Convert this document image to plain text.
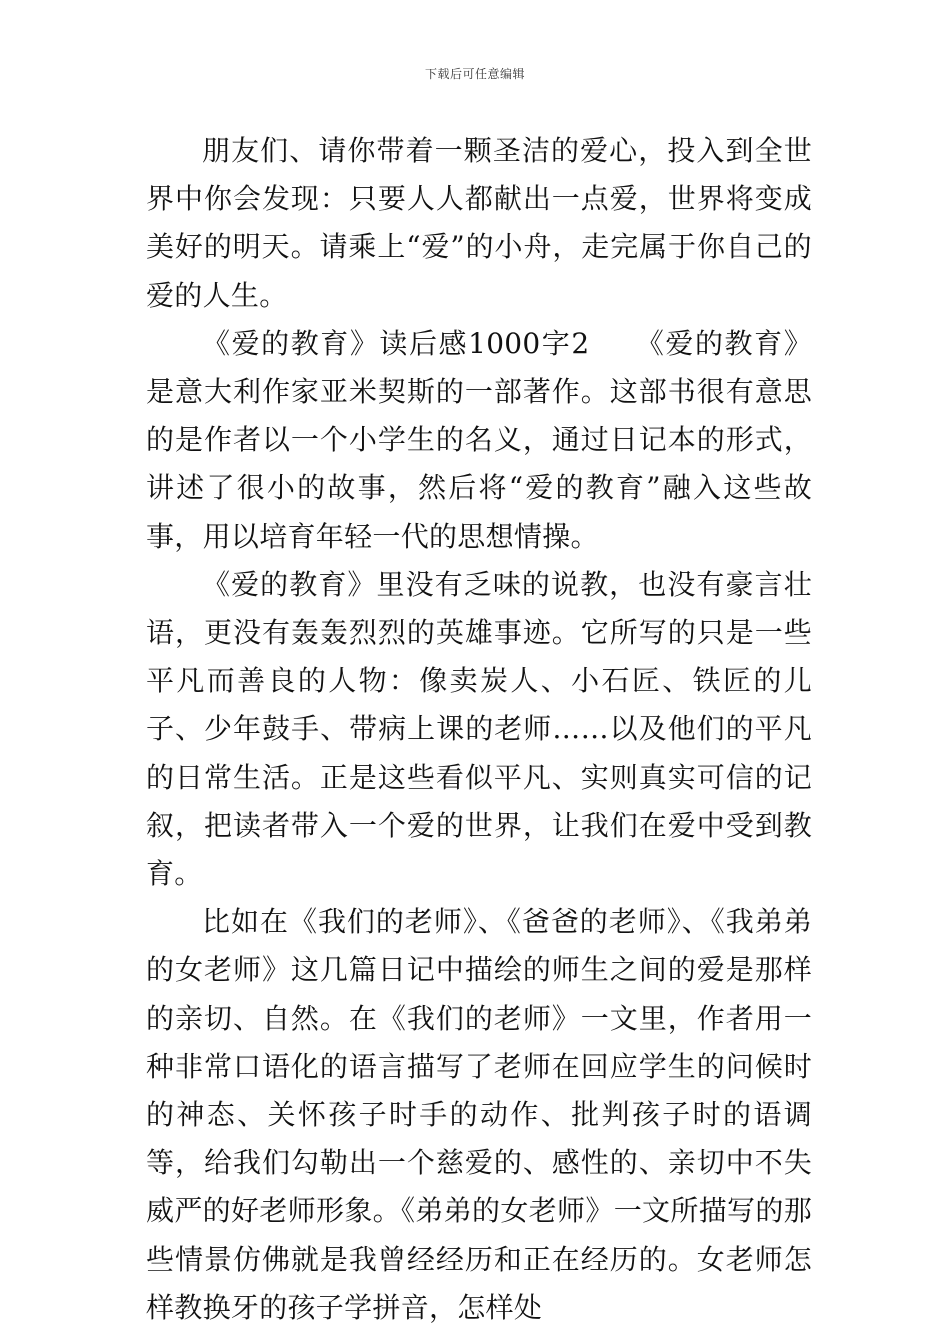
下载后可任意编辑

朋友们、请你带着一颗圣洁的爱心，投入到全世界中你会发现：只要人人都献出一点爱，世界将变成美好的明天。请乘上“爱”的小舟，走完属于你自己的爱的人生。

《爱的教育》读后感1000字2　　《爱的教育》是意大利作家亚米契斯的一部著作。这部书很有意思的是作者以一个小学生的名义，通过日记本的形式，讲述了很小的故事，然后将“爱的教育”融入这些故事，用以培育年轻一代的思想情操。

《爱的教育》里没有乏味的说教，也没有豪言壮语，更没有轰轰烈烈的英雄事迹。它所写的只是一些平凡而善良的人物：像卖炭人、小石匠、铁匠的儿子、少年鼓手、带病上课的老师……以及他们的平凡的日常生活。正是这些看似平凡、实则真实可信的记叙，把读者带入一个爱的世界，让我们在爱中受到教育。

比如在《我们的老师》、《爸爸的老师》、《我弟弟的女老师》这几篇日记中描绘的师生之间的爱是那样的亲切、自然。在《我们的老师》一文里，作者用一种非常口语化的语言描写了老师在回应学生的问候时的神态、关怀孩子时手的动作、批判孩子时的语调等，给我们勾勒出一个慈爱的、感性的、亲切中不失威严的好老师形象。《弟弟的女老师》一文所描写的那些情景仿佛就是我曾经经历和正在经历的。女老师怎样教换牙的孩子学拼音，怎样处
